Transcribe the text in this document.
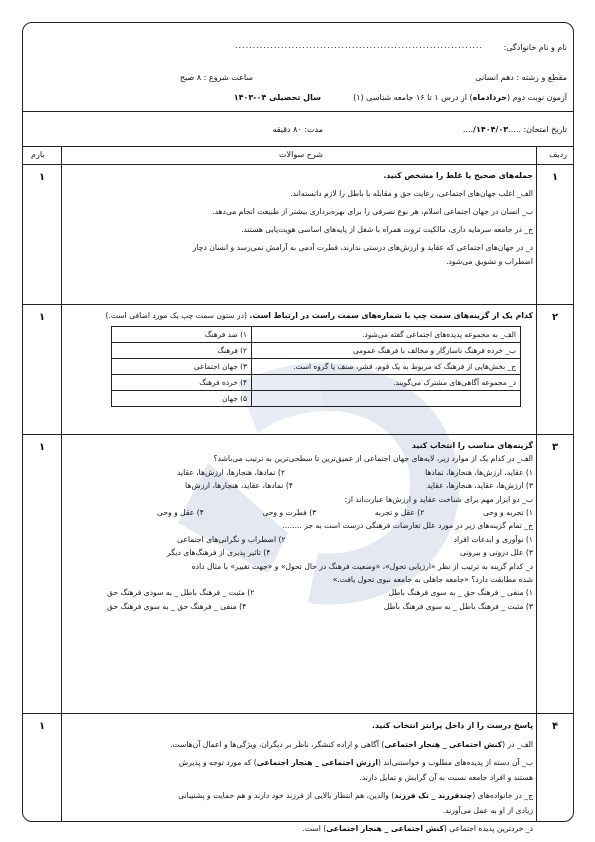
نام و نام خانوادگی:
......................................................................
مقطع و رشته : دهم انسانی
ساعت شروع : ۸ صبح
آزمون نوبت دوم (خردادماه) از درس ۱ تا ۱۶ جامعه شناسی (۱)
سال تحصیلی ۰۴-۱۴۰۳
تاریخ امتحان: .....۱۴۰۴/۰۳/....
مدت: ۸۰ دقیقه
ردیف
شرح سوالات
بارم
۱
۱	جمله‌های صحیح یا غلط را مشخص کنید.

الف_ اغلب جهان‌های اجتماعی، رعایت حق و مقابله با باطل را لازم دانسته‌اند.

ب_ انسان در جهان اجتماعی اسلام، هر نوع تصرفی را برای بهره‌برداری بیشتر از طبیعت انجام می‌دهد.

ج_ در جامعه سرمایه داری، مالکیت ثروت همراه با شغل از پایه‌های اساسی هویت‌یابی هستند.

د_ در جهان‌های اجتماعی که عقاید و ارزش‌های درستی ندارند، فطرت آدمی به آرامش نمی‌رسد و انسان دچار

اضطراب و تشویق می‌شود.

۲
۱	کدام یک از گزینه‌های سمت چپ با شماره‌های سمت راست در ارتباط است. (در ستون سمت چپ یک مورد اضافی است.)

الف_ به مجموعه پدیده‌های اجتماعی گفته می‌شود.	۱) ضد فرهنگ
ب_ خرده فرهنگ ناسازگار و مخالف با فرهنگ عمومی	۲) فرهنگ
ج_ بخش‌هایی از فرهنگ که مربوط به یک قوم، قشر، صنف یا گروه است.	۳) جهان اجتماعی
د_ مجموعه آگاهی‌های مشترک می‌گویند.	۴) خرده فرهنگ
	۵) جهان
۳
۱	گزینه‌های مناسب را انتخاب کنید

الف_ در کدام یک از موارد زیر، لایه‌های جهان اجتماعی از عمیق‌ترین تا سطحی‌ترین به ترتیب می‌باشد؟

۱) عقاید، ارزش‌ها، هنجارها، نمادها
۲) نمادها، هنجارها، ارزش‌ها، عقاید
۳) ارزش‌ها، عقاید، هنجارها، عقاید
۴) نمادها، عقاید، هنجارها، ارزش‌ها

ب_ دو ابزار مهم برای شناخت عقاید و ارزش‌ها عبارت‌اند از:

۱) تجربه و وحی
۲) عقل و تجربه
۳) فطرت و وحی
۴) عقل و وحی

ج_ تمام گزینه‌های زیر در مورد علل تعارضات فرهنگی درست است به جز ........

۱) نوآوری و ابدعات افراد
۲) اضطراب و نگرانی‌های اجتماعی
۳) علل درونی و بیرونی
۴) تاثیر پذیری از فرهنگ‌های دیگر

د_ کدام گزینه به ترتیب از نظر «ارزیابی تحول»، «وضعیت فرهنگ در حال تحول» و «جهت تغییر» با مثال داده

شده مطابقت دارد؟ «جامعه جاهلی به جامعه نبوی تحول یافت.»

۱) منفی _ فرهنگ حق _ به سوی فرهنگ باطل
۲) مثبت _ فرهنگ باطل _ به سودی فرهنگ حق
۳) مثبت _ فرهنگ باطل _ به سوی فرهنگ باطل
۴) منفی _ فرهنگ حق _ به سوی فرهنگ حق
۴
۱	پاسخ درست را از داخل پرانتز انتخاب کنید.

الف_ در (کنش اجتماعی _ هنجار اجتماعی) آگاهی و اراده کنشگر، ناظر بر دیگران، ویژگی‌ها و اعمال آن‌هاست.

ب_ آن دسته از پدیده‌های مطلوب و خواستنی‌اند (ارزش اجتماعی _ هنجار اجتماعی) که مورد توجه و پذیرش

هستند و افراد جامعه نسبت به آن گرایش و تمایل دارند.

ج_ در خانواده‌های (چندفرزند _ تک فرزند) والدین، هم انتظار بالایی از فرزند خود دارند و هم حمایت و پشتیبانی

زیادی از او به عمل می‌آورند.

د_ خردترین پدیده اجتماعی (کنش اجتماعی _ هنجار اجتماعی) است.
